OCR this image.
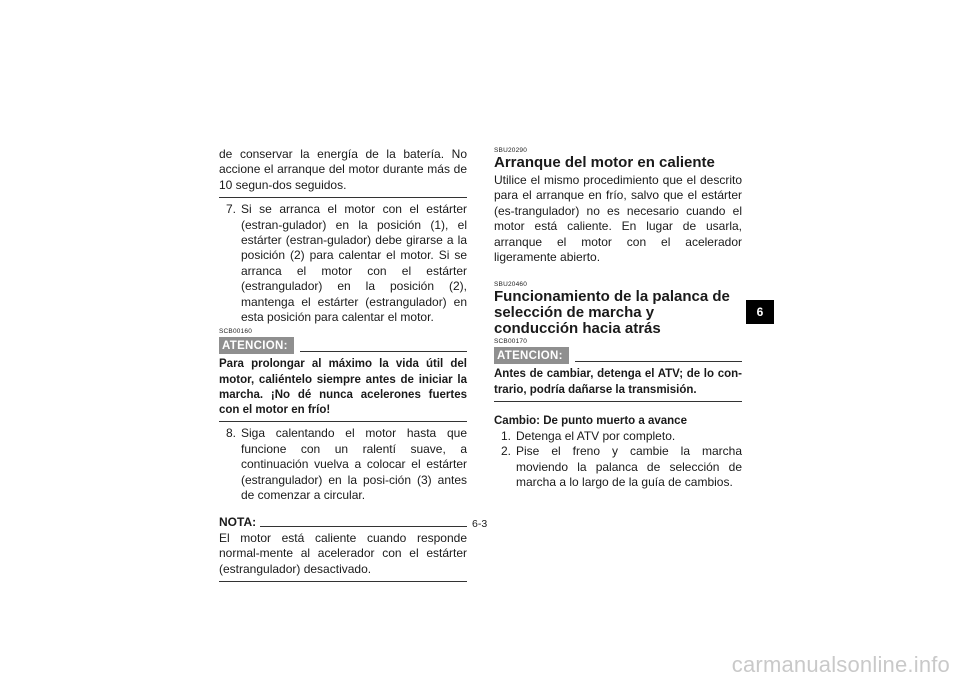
de conservar la energía de la batería. No accione el arranque del motor durante más de 10 segun-dos seguidos.

7. Si se arranca el motor con el estárter (estran-gulador) en la posición (1), el estárter (estran-gulador) debe girarse a la posición (2) para calentar el motor. Si se arranca el motor con el estárter (estrangulador) en la posición (2), mantenga el estárter (estrangulador) en esta posición para calentar el motor.
SCB00160
ATENCION:

Para prolongar al máximo la vida útil del motor, caliéntelo siempre antes de iniciar la marcha. ¡No dé nunca acelerones fuertes con el motor en frío!

8. Siga calentando el motor hasta que funcione con un ralentí suave, a continuación vuelva a colocar el estárter (estrangulador) en la posi-ción (3) antes de comenzar a circular.
NOTA:

El motor está caliente cuando responde normal-mente al acelerador con el estárter (estrangulador) desactivado.

SBU20290
Arranque del motor en caliente

Utilice el mismo procedimiento que el descrito para el arranque en frío, salvo que el estárter (es-trangulador) no es necesario cuando el motor está caliente. En lugar de usarla, arranque el motor con el acelerador ligeramente abierto.

SBU20460
Funcionamiento de la palanca de selección de marcha y conducción hacia atrás
SCB00170
ATENCION:

Antes de cambiar, detenga el ATV; de lo con-trario, podría dañarse la transmisión.

Cambio: De punto muerto a avance

1. Detenga el ATV por completo.
2. Pise el freno y cambie la marcha moviendo la palanca de selección de marcha a lo largo de la guía de cambios.
6
6-3
carmanualsonline.info
